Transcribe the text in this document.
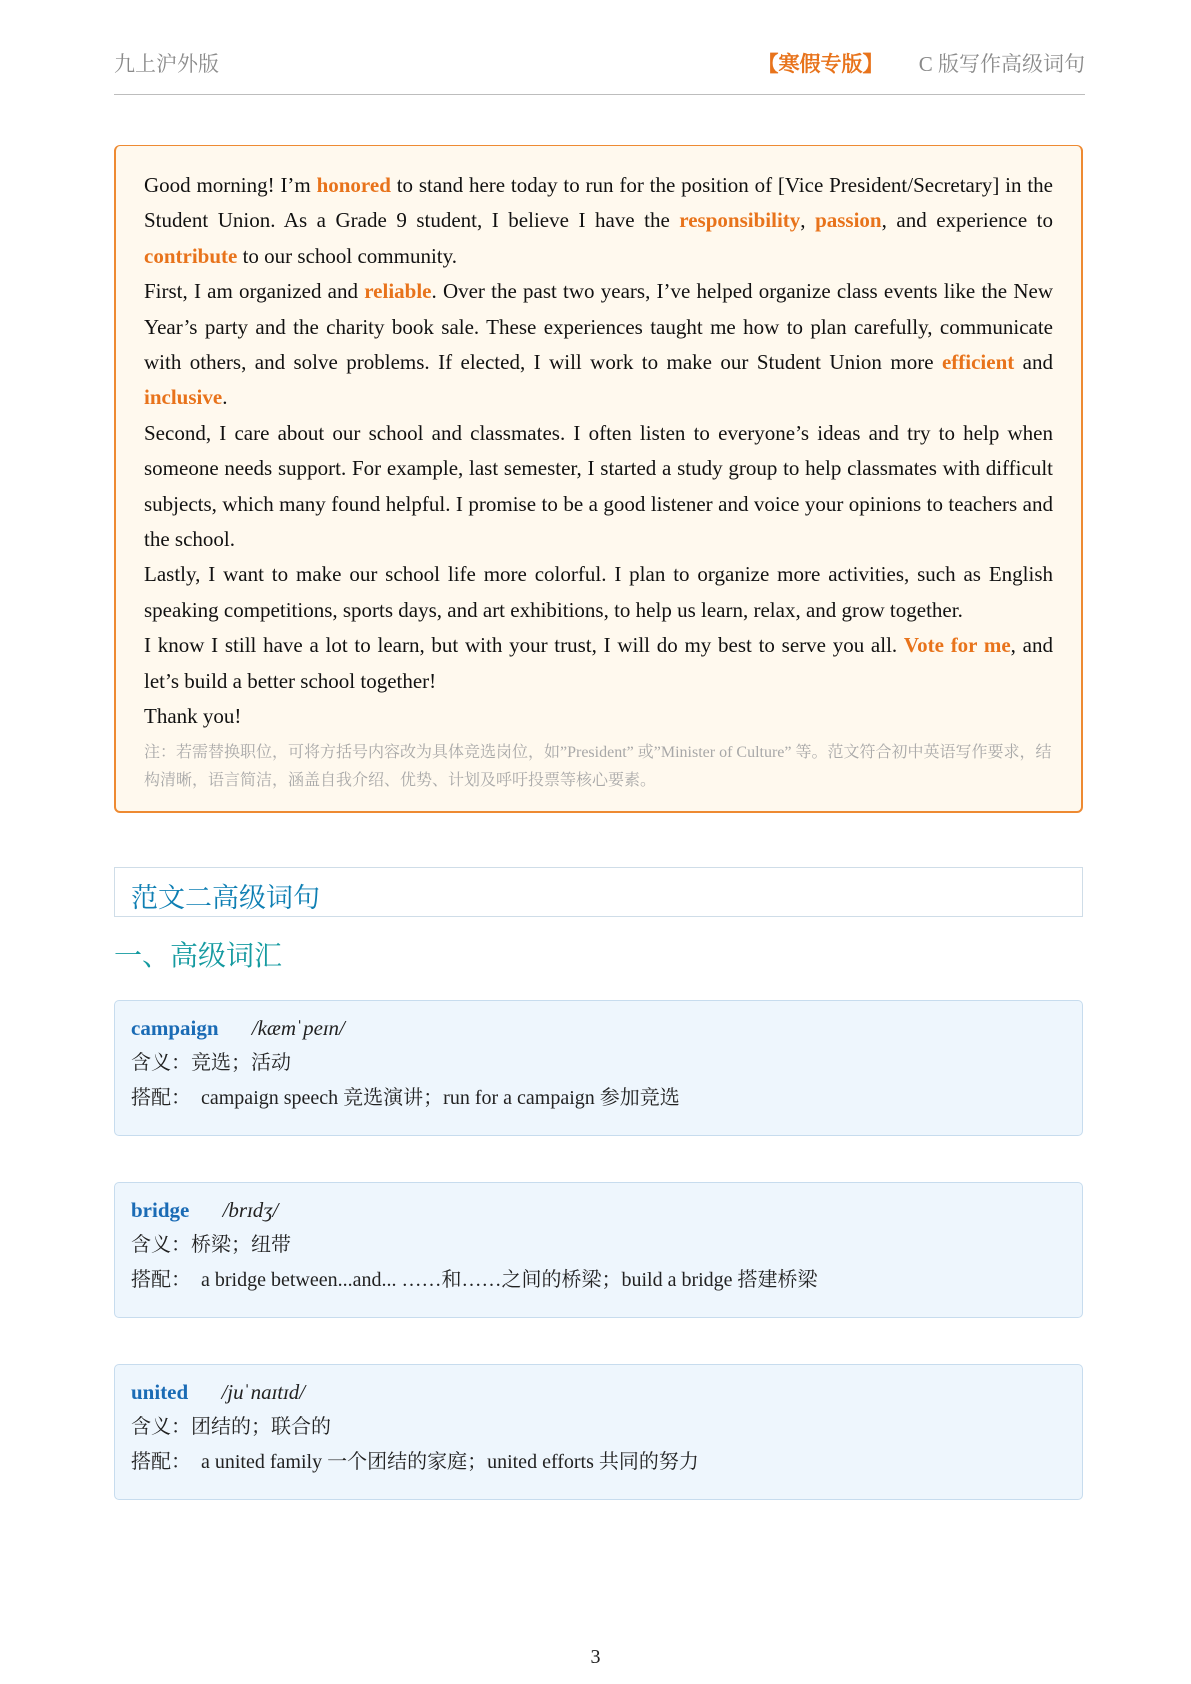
九上沪外版	【寒假专版】 C 版写作高级词句

Good morning! I’m honored to stand here today to run for the position of [Vice President/Secretary] in the Student Union. As a Grade 9 student, I believe I have the responsibility, passion, and experience to contribute to our school community.

First, I am organized and reliable. Over the past two years, I’ve helped organize class events like the New Year’s party and the charity book sale. These experiences taught me how to plan carefully, communicate with others, and solve problems. If elected, I will work to make our Student Union more efficient and inclusive.

Second, I care about our school and classmates. I often listen to everyone’s ideas and try to help when someone needs support. For example, last semester, I started a study group to help classmates with difficult subjects, which many found helpful. I promise to be a good listener and voice your opinions to teachers and the school.

Lastly, I want to make our school life more colorful. I plan to organize more activities, such as English speaking competitions, sports days, and art exhibitions, to help us learn, relax, and grow together.

I know I still have a lot to learn, but with your trust, I will do my best to serve you all. Vote for me, and let’s build a better school together!

Thank you!

注：若需替换职位，可将方括号内容改为具体竞选岗位，如”President” 或”Minister of Culture” 等。范文符合初中英语写作要求，结构清晰，语言简洁，涵盖自我介绍、优势、计划及呼吁投票等核心要素。

范文二高级词句
一、高级词汇
campaign /kæmˈpeɪn/
含义：竞选；活动
搭配： campaign speech 竞选演讲；run for a campaign 参加竞选
bridge /brɪdʒ/
含义：桥梁；纽带
搭配： a bridge between...and... ……和……之间的桥梁；build a bridge 搭建桥梁
united /juˈnaɪtɪd/
含义：团结的；联合的
搭配： a united family 一个团结的家庭；united efforts 共同的努力
3
